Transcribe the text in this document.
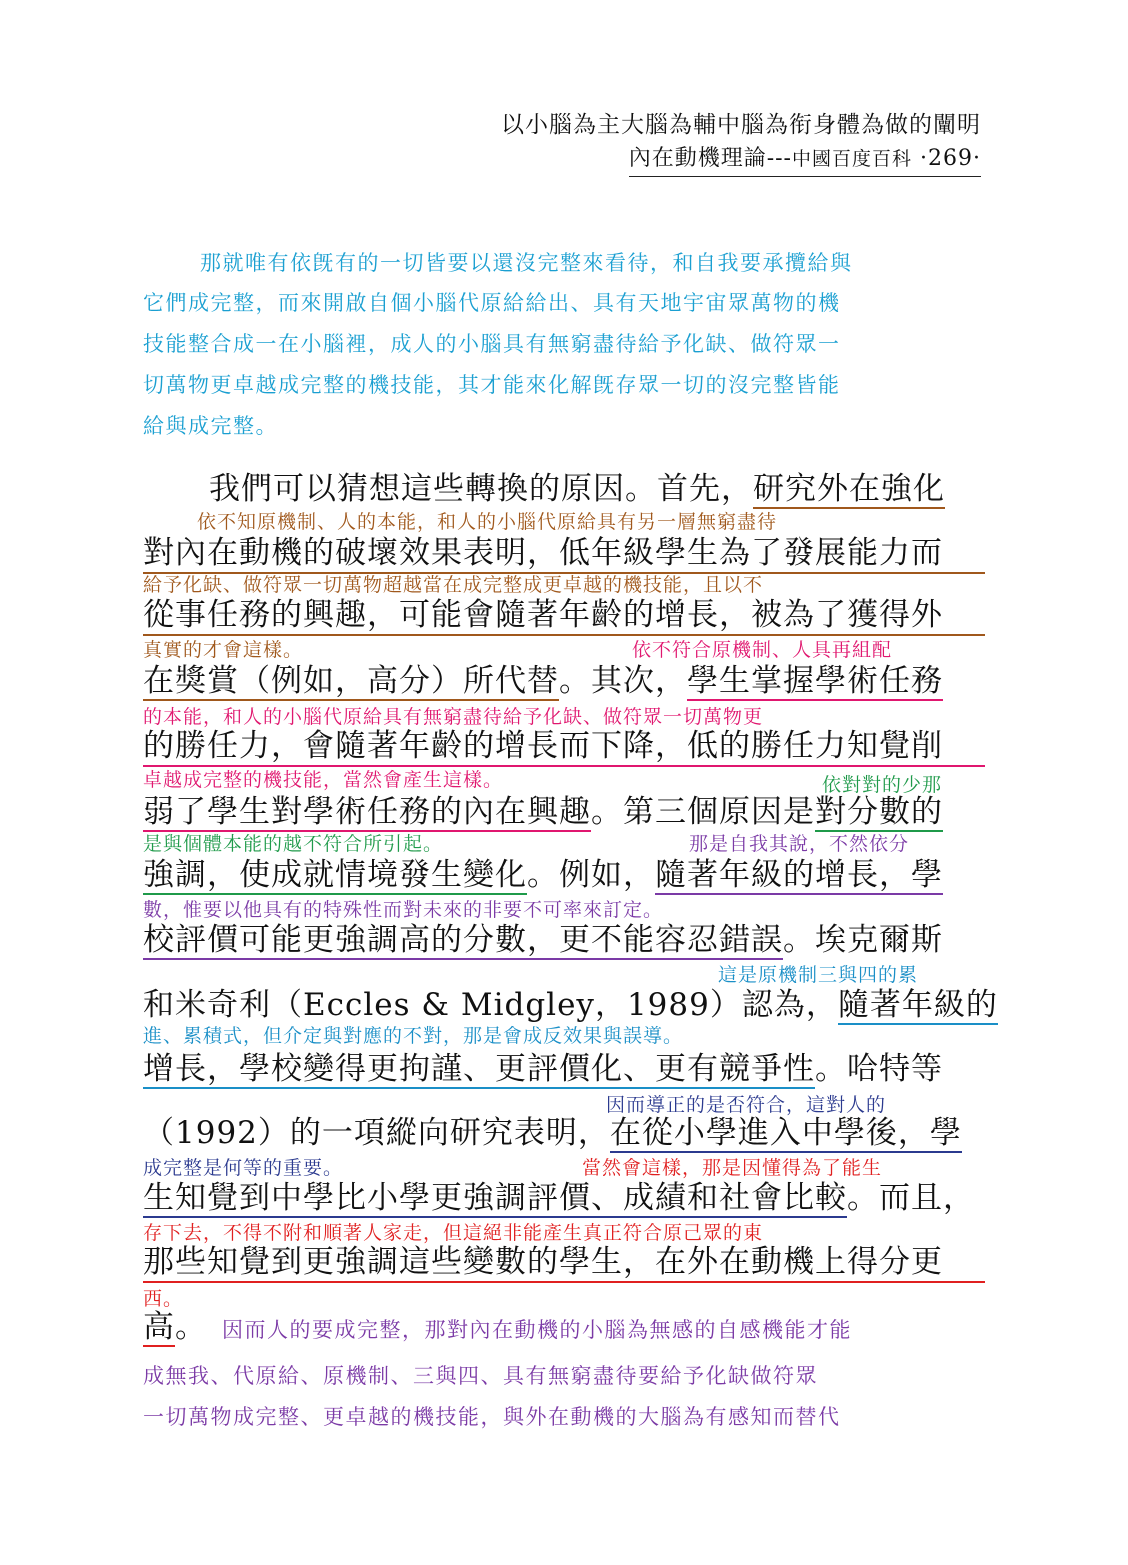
以小腦為主大腦為輔中腦為衔身體為做的闡明
內在動機理論---中國百度百科 ·269·
那就唯有依旣有的一切皆要以還沒完整來看待，和自我要承攬給與
它們成完整，而來開啟自個小腦代原給給出、具有天地宇宙眾萬物的機
技能整合成一在小腦裡，成人的小腦具有無窮盡待給予化缺、做符眾一
切萬物更卓越成完整的機技能，其才能來化解旣存眾一切的沒完整皆能
給與成完整。
我們可以猜想這些轉換的原因。首先，研究外在強化
依不知原機制、人的本能，和人的小腦代原給具有另一層無窮盡待
對內在動機的破壞效果表明，低年級學生為了發展能力而
給予化缺、做符眾一切萬物超越當在成完整成更卓越的機技能，且以不
從事任務的興趣，可能會隨著年齡的增長，被為了獲得外
真實的才會這樣。	依不符合原機制、人具再組配
在獎賞（例如，高分）所代替。其次，學生掌握學術任務
的本能，和人的小腦代原給具有無窮盡待給予化缺、做符眾一切萬物更
的勝任力，會隨著年齡的增長而下降，低的勝任力知覺削
卓越成完整的機技能，當然會產生這樣。	依對對的少那
弱了學生對學術任務的內在興趣。第三個原因是對分數的
是與個體本能的越不符合所引起。	那是自我其說，不然依分
強調，使成就情境發生變化。例如，隨著年級的增長，學
數，惟要以他具有的特殊性而對未來的非要不可率來訂定。
校評價可能更強調高的分數，更不能容忍錯誤。埃克爾斯
這是原機制三與四的累
和米奇利（Eccles & Midgley，1989）認為，隨著年級的
進、累積式，但介定與對應的不對，那是會成反效果與誤導。
增長，學校變得更拘謹、更評價化、更有競爭性。哈特等
因而導正的是否符合，這對人的
（1992）的一項縱向研究表明，在從小學進入中學後，學
成完整是何等的重要。	當然會這樣，那是因懂得為了能生
生知覺到中學比小學更強調評價、成績和社會比較。而且，
存下去，不得不附和順著人家走，但這絕非能產生真正符合原己眾的東
那些知覺到更強調這些變數的學生，在外在動機上得分更
西。
高。 因而人的要成完整，那對內在動機的小腦為無感的自感機能才能
成無我、代原給、原機制、三與四、具有無窮盡待要給予化缺做符眾
一切萬物成完整、更卓越的機技能，與外在動機的大腦為有感知而替代
